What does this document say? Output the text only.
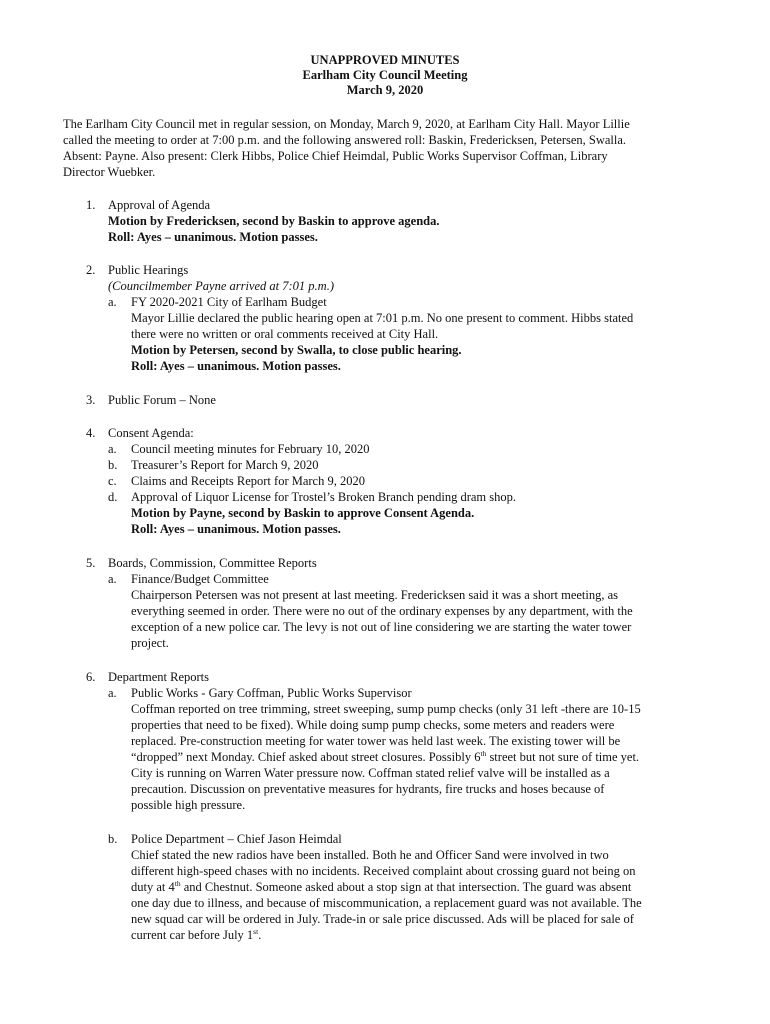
UNAPPROVED MINUTES
Earlham City Council Meeting
March 9, 2020
The Earlham City Council met in regular session, on Monday, March 9, 2020, at Earlham City Hall. Mayor Lillie
called the meeting to order at 7:00 p.m. and the following answered roll: Baskin, Fredericksen, Petersen, Swalla.
Absent: Payne. Also present: Clerk Hibbs, Police Chief Heimdal, Public Works Supervisor Coffman, Library
Director Wuebker.
1. Approval of Agenda
Motion by Fredericksen, second by Baskin to approve agenda.
Roll: Ayes – unanimous. Motion passes.
2. Public Hearings
(Councilmember Payne arrived at 7:01 p.m.)
a. FY 2020-2021 City of Earlham Budget
Mayor Lillie declared the public hearing open at 7:01 p.m. No one present to comment. Hibbs stated
there were no written or oral comments received at City Hall.
Motion by Petersen, second by Swalla, to close public hearing.
Roll: Ayes – unanimous. Motion passes.
3. Public Forum – None
4. Consent Agenda:
a. Council meeting minutes for February 10, 2020
b. Treasurer’s Report for March 9, 2020
c. Claims and Receipts Report for March 9, 2020
d. Approval of Liquor License for Trostel’s Broken Branch pending dram shop.
Motion by Payne, second by Baskin to approve Consent Agenda.
Roll: Ayes – unanimous. Motion passes.
5. Boards, Commission, Committee Reports
a. Finance/Budget Committee
Chairperson Petersen was not present at last meeting. Fredericksen said it was a short meeting, as
everything seemed in order. There were no out of the ordinary expenses by any department, with the
exception of a new police car. The levy is not out of line considering we are starting the water tower
project.
6. Department Reports
a. Public Works - Gary Coffman, Public Works Supervisor
Coffman reported on tree trimming, street sweeping, sump pump checks (only 31 left -there are 10-15
properties that need to be fixed). While doing sump pump checks, some meters and readers were
replaced. Pre-construction meeting for water tower was held last week. The existing tower will be
“dropped” next Monday. Chief asked about street closures. Possibly 6th street but not sure of time yet.
City is running on Warren Water pressure now. Coffman stated relief valve will be installed as a
precaution. Discussion on preventative measures for hydrants, fire trucks and hoses because of
possible high pressure.
b. Police Department – Chief Jason Heimdal
Chief stated the new radios have been installed. Both he and Officer Sand were involved in two
different high-speed chases with no incidents. Received complaint about crossing guard not being on
duty at 4th and Chestnut. Someone asked about a stop sign at that intersection. The guard was absent
one day due to illness, and because of miscommunication, a replacement guard was not available. The
new squad car will be ordered in July. Trade-in or sale price discussed. Ads will be placed for sale of
current car before July 1st.
